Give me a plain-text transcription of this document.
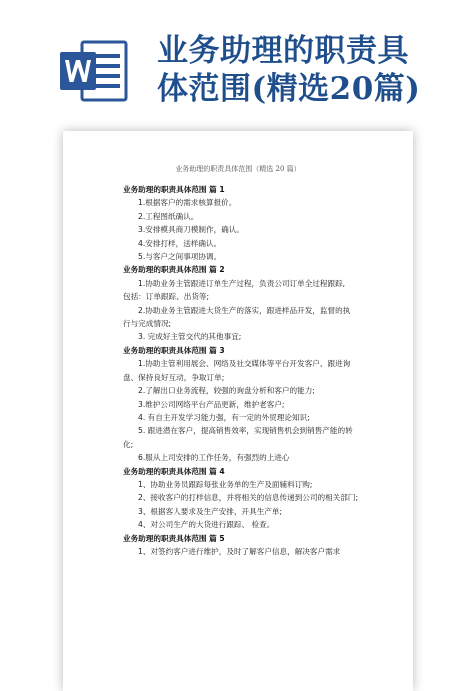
业务助理的职责具
体范围(精选20篇)
业务助理的职责具体范围（精选 20 篇）
业务助理的职责具体范围 篇 1
1.根据客户的需求核算报价。
2.工程图纸确认。
3.安排模具商刀模制作，确认。
4.安排打样，送样确认。
5.与客户之间事项协调。
业务助理的职责具体范围 篇 2
1.协助业务主管跟进订单生产过程，负责公司订单全过程跟踪,
包括：订单跟踪、出货等;
2.协助业务主管跟进大货生产的落实，跟进样品开发，监督的执
行与完成情况;
3. 完成好主管交代的其他事宜;
业务助理的职责具体范围 篇 3
1.协助主管利用展会、网络及社交媒体等平台开发客户、跟进询
盘、保持良好互动，争取订单;
2.了解出口业务流程，较强的询盘分析和客户的能力;
3.维护公司网络平台产品更新，维护老客户;
4. 有自主开发学习能力强，有一定的外贸理论知识;
5. 跟进潜在客户，提高销售效率，实现销售机会到销售产能的转
化;
6.服从上司安排的工作任务，有强烈的上进心
业务助理的职责具体范围 篇 4
1、协助业务员跟踪每张业务单的生产及面辅料订购;
2、接收客户的打样信息，并将相关的信息传递到公司的相关部门;
3、根据客人要求及生产安排，开具生产单;
4、对公司生产的大货进行跟踪、 检查。
业务助理的职责具体范围 篇 5
1、对签约客户进行维护，及时了解客户信息，解决客户需求
